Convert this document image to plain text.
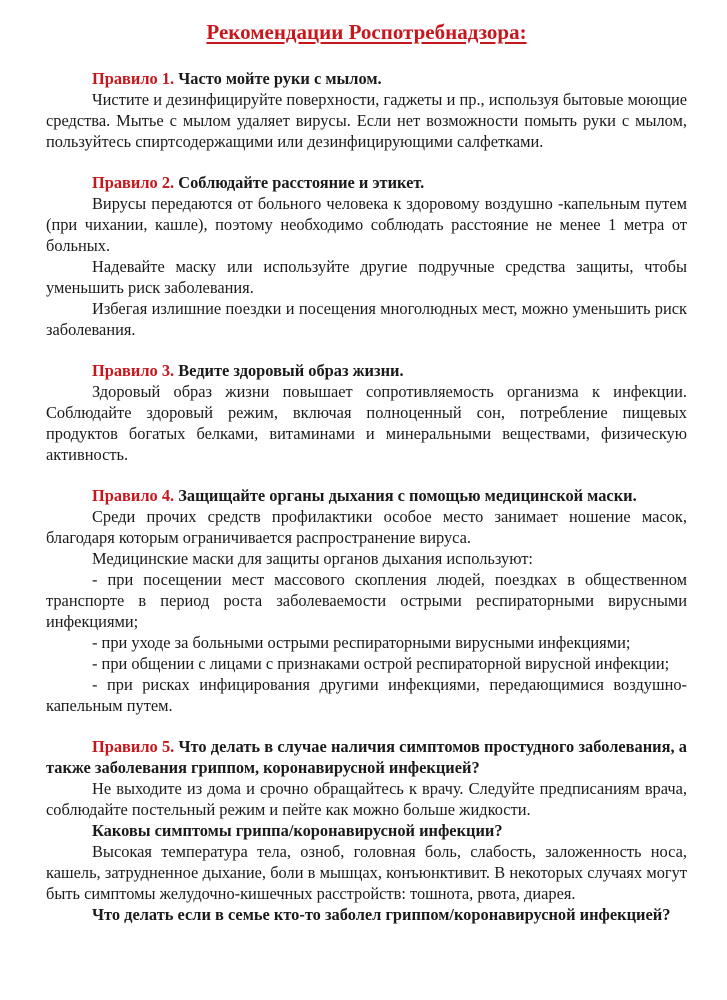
Рекомендации Роспотребнадзора:

Правило 1. Часто мойте руки с мылом.

Чистите и дезинфицируйте поверхности, гаджеты и пр., используя бытовые моющие средства. Мытье с мылом удаляет вирусы. Если нет возможности помыть руки с мылом, пользуйтесь спиртсодержащими или дезинфицирующими салфетками.

Правило 2. Соблюдайте расстояние и этикет.

Вирусы передаются от больного человека к здоровому воздушно -капельным путем (при чихании, кашле), поэтому необходимо соблюдать расстояние не менее 1 метра от больных.

Надевайте маску или используйте другие подручные средства защиты, чтобы уменьшить риск заболевания.

Избегая излишние поездки и посещения многолюдных мест, можно уменьшить риск заболевания.

Правило 3. Ведите здоровый образ жизни.

Здоровый образ жизни повышает сопротивляемость организма к инфекции. Соблюдайте здоровый режим, включая полноценный сон, потребление пищевых продуктов богатых белками, витаминами и минеральными веществами, физическую активность.

Правило 4. Защищайте органы дыхания с помощью медицинской маски.

Среди прочих средств профилактики особое место занимает ношение масок, благодаря которым ограничивается распространение вируса.

Медицинские маски для защиты органов дыхания используют:

- при посещении мест массового скопления людей, поездках в общественном транспорте в период роста заболеваемости острыми респираторными вирусными инфекциями;

- при уходе за больными острыми респираторными вирусными инфекциями;

- при общении с лицами с признаками острой респираторной вирусной инфекции;

- при рисках инфицирования другими инфекциями, передающимися воздушно-капельным путем.

Правило 5. Что делать в случае наличия симптомов простудного заболевания, а также заболевания гриппом, коронавирусной инфекцией?

Не выходите из дома и срочно обращайтесь к врачу. Следуйте предписаниям врача, соблюдайте постельный режим и пейте как можно больше жидкости.

Каковы симптомы гриппа/коронавирусной инфекции?

Высокая температура тела, озноб, головная боль, слабость, заложенность носа, кашель, затрудненное дыхание, боли в мышцах, конъюнктивит. В некоторых случаях могут быть симптомы желудочно-кишечных расстройств: тошнота, рвота, диарея.

Что делать если в семье кто-то заболел гриппом/коронавирусной инфекцией?
